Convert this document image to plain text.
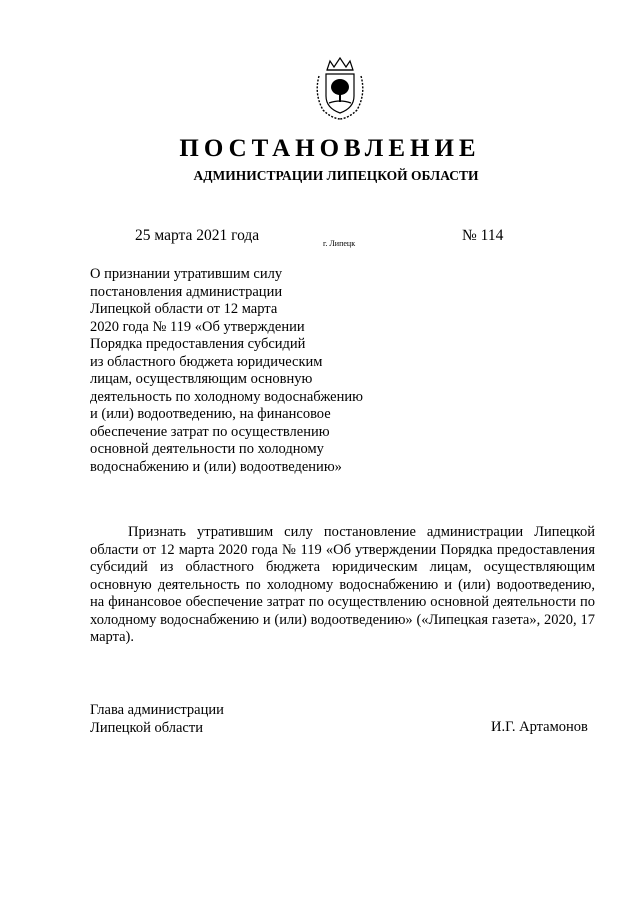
ПОСТАНОВЛЕНИЕ
АДМИНИСТРАЦИИ ЛИПЕЦКОЙ ОБЛАСТИ
25 марта 2021 года	г. Липецк	№ 114
О признании утратившим силу
постановления администрации
Липецкой области от 12 марта
2020 года № 119 «Об утверждении
Порядка предоставления субсидий
из областного бюджета юридическим
лицам, осуществляющим основную
деятельность по холодному водоснабжению
и (или) водоотведению, на финансовое
обеспечение затрат по осуществлению
основной деятельности по холодному
водоснабжению и (или) водоотведению»

Признать утратившим силу постановление администрации Липецкой области от 12 марта 2020 года № 119 «Об утверждении Порядка предоставления субсидий из областного бюджета юридическим лицам, осуществляющим основную деятельность по холодному водоснабжению и (или) водоотведению, на финансовое обеспечение затрат по осуществлению основной деятельности по холодному водоснабжению и (или) водоотведению» («Липецкая газета», 2020, 17 марта).

Глава администрации
Липецкой области	И.Г. Артамонов
